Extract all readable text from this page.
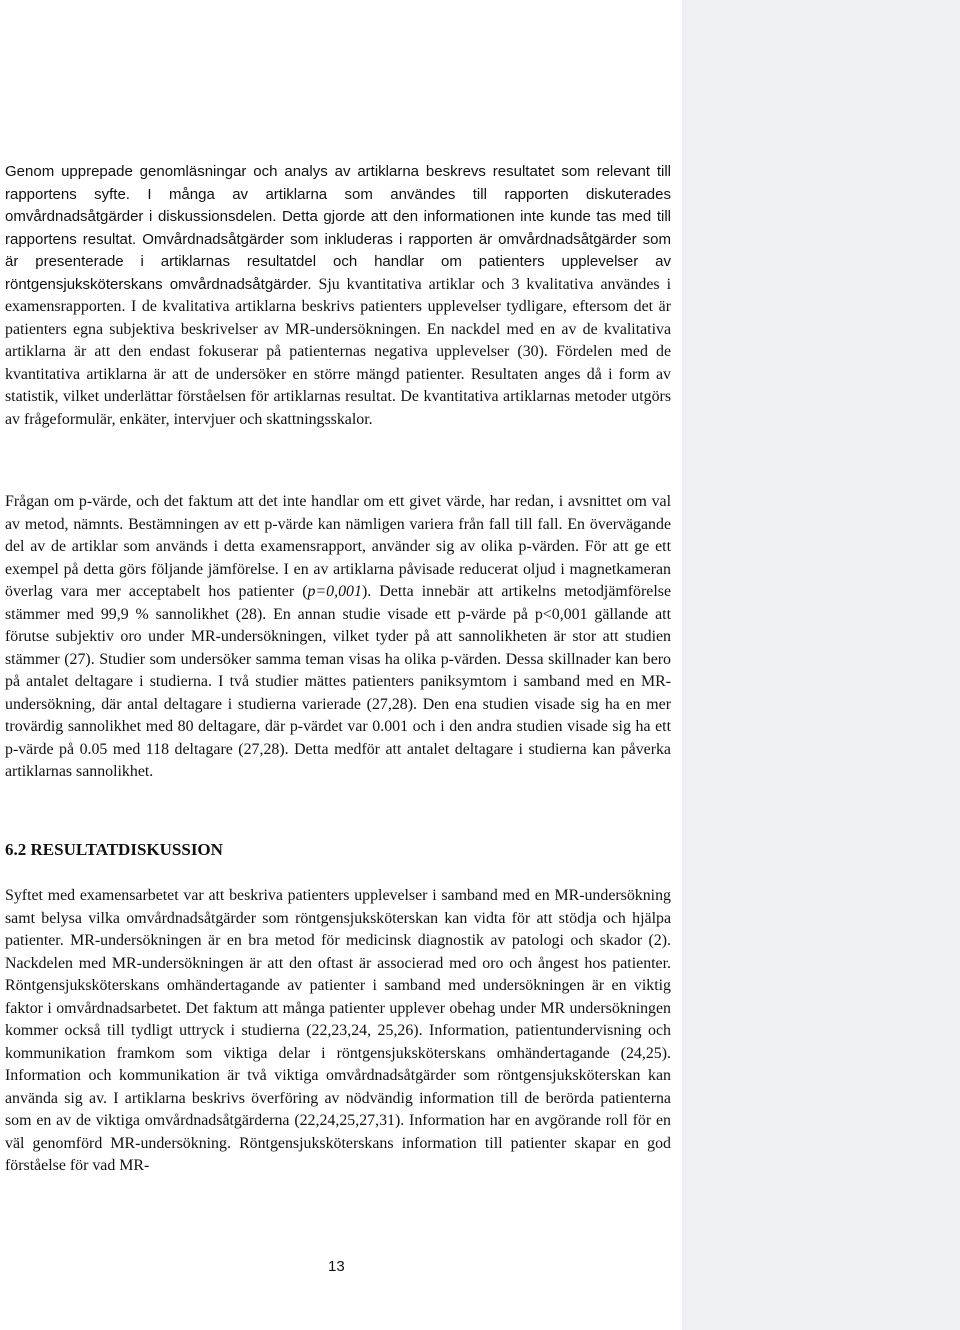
Genom upprepade genomläsningar och analys av artiklarna beskrevs resultatet som relevant till rapportens syfte. I många av artiklarna som användes till rapporten diskuterades omvårdnadsåtgärder i diskussionsdelen. Detta gjorde att den informationen inte kunde tas med till rapportens resultat. Omvårdnadsåtgärder som inkluderas i rapporten är omvårdnadsåtgärder som är presenterade i artiklarnas resultatdel och handlar om patienters upplevelser av röntgensjuksköterskans omvårdnadsåtgärder. Sju kvantitativa artiklar och 3 kvalitativa användes i examensrapporten. I de kvalitativa artiklarna beskrivs patienters upplevelser tydligare, eftersom det är patienters egna subjektiva beskrivelser av MR-undersökningen. En nackdel med en av de kvalitativa artiklarna är att den endast fokuserar på patienternas negativa upplevelser (30). Fördelen med de kvantitativa artiklarna är att de undersöker en större mängd patienter. Resultaten anges då i form av statistik, vilket underlättar förståelsen för artiklarnas resultat. De kvantitativa artiklarnas metoder utgörs av frågeformulär, enkäter, intervjuer och skattningsskalor.

Frågan om p-värde, och det faktum att det inte handlar om ett givet värde, har redan, i avsnittet om val av metod, nämnts. Bestämningen av ett p-värde kan nämligen variera från fall till fall. En övervägande del av de artiklar som används i detta examensrapport, använder sig av olika p-värden. För att ge ett exempel på detta görs följande jämförelse. I en av artiklarna påvisade reducerat oljud i magnetkameran överlag vara mer acceptabelt hos patienter (p=0,001). Detta innebär att artikelns metodjämförelse stämmer med 99,9 % sannolikhet (28). En annan studie visade ett p-värde på p<0,001 gällande att förutse subjektiv oro under MR-undersökningen, vilket tyder på att sannolikheten är stor att studien stämmer (27). Studier som undersöker samma teman visas ha olika p-värden. Dessa skillnader kan bero på antalet deltagare i studierna. I två studier mättes patienters paniksymtom i samband med en MR-undersökning, där antal deltagare i studierna varierade (27,28). Den ena studien visade sig ha en mer trovärdig sannolikhet med 80 deltagare, där p-värdet var 0.001 och i den andra studien visade sig ha ett p-värde på 0.05 med 118 deltagare (27,28). Detta medför att antalet deltagare i studierna kan påverka artiklarnas sannolikhet.

6.2 RESULTATDISKUSSION

Syftet med examensarbetet var att beskriva patienters upplevelser i samband med en MR-undersökning samt belysa vilka omvårdnadsåtgärder som röntgensjuksköterskan kan vidta för att stödja och hjälpa patienter. MR-undersökningen är en bra metod för medicinsk diagnostik av patologi och skador (2). Nackdelen med MR-undersökningen är att den oftast är associerad med oro och ångest hos patienter. Röntgensjuksköterskans omhändertagande av patienter i samband med undersökningen är en viktig faktor i omvårdnadsarbetet. Det faktum att många patienter upplever obehag under MR undersökningen kommer också till tydligt uttryck i studierna (22,23,24, 25,26). Information, patientundervisning och kommunikation framkom som viktiga delar i röntgensjuksköterskans omhändertagande (24,25). Information och kommunikation är två viktiga omvårdnadsåtgärder som röntgensjuksköterskan kan använda sig av. I artiklarna beskrivs överföring av nödvändig information till de berörda patienterna som en av de viktiga omvårdnadsåtgärderna (22,24,25,27,31). Information har en avgörande roll för en väl genomförd MR-undersökning. Röntgensjuksköterskans information till patienter skapar en god förståelse för vad MR-

13
